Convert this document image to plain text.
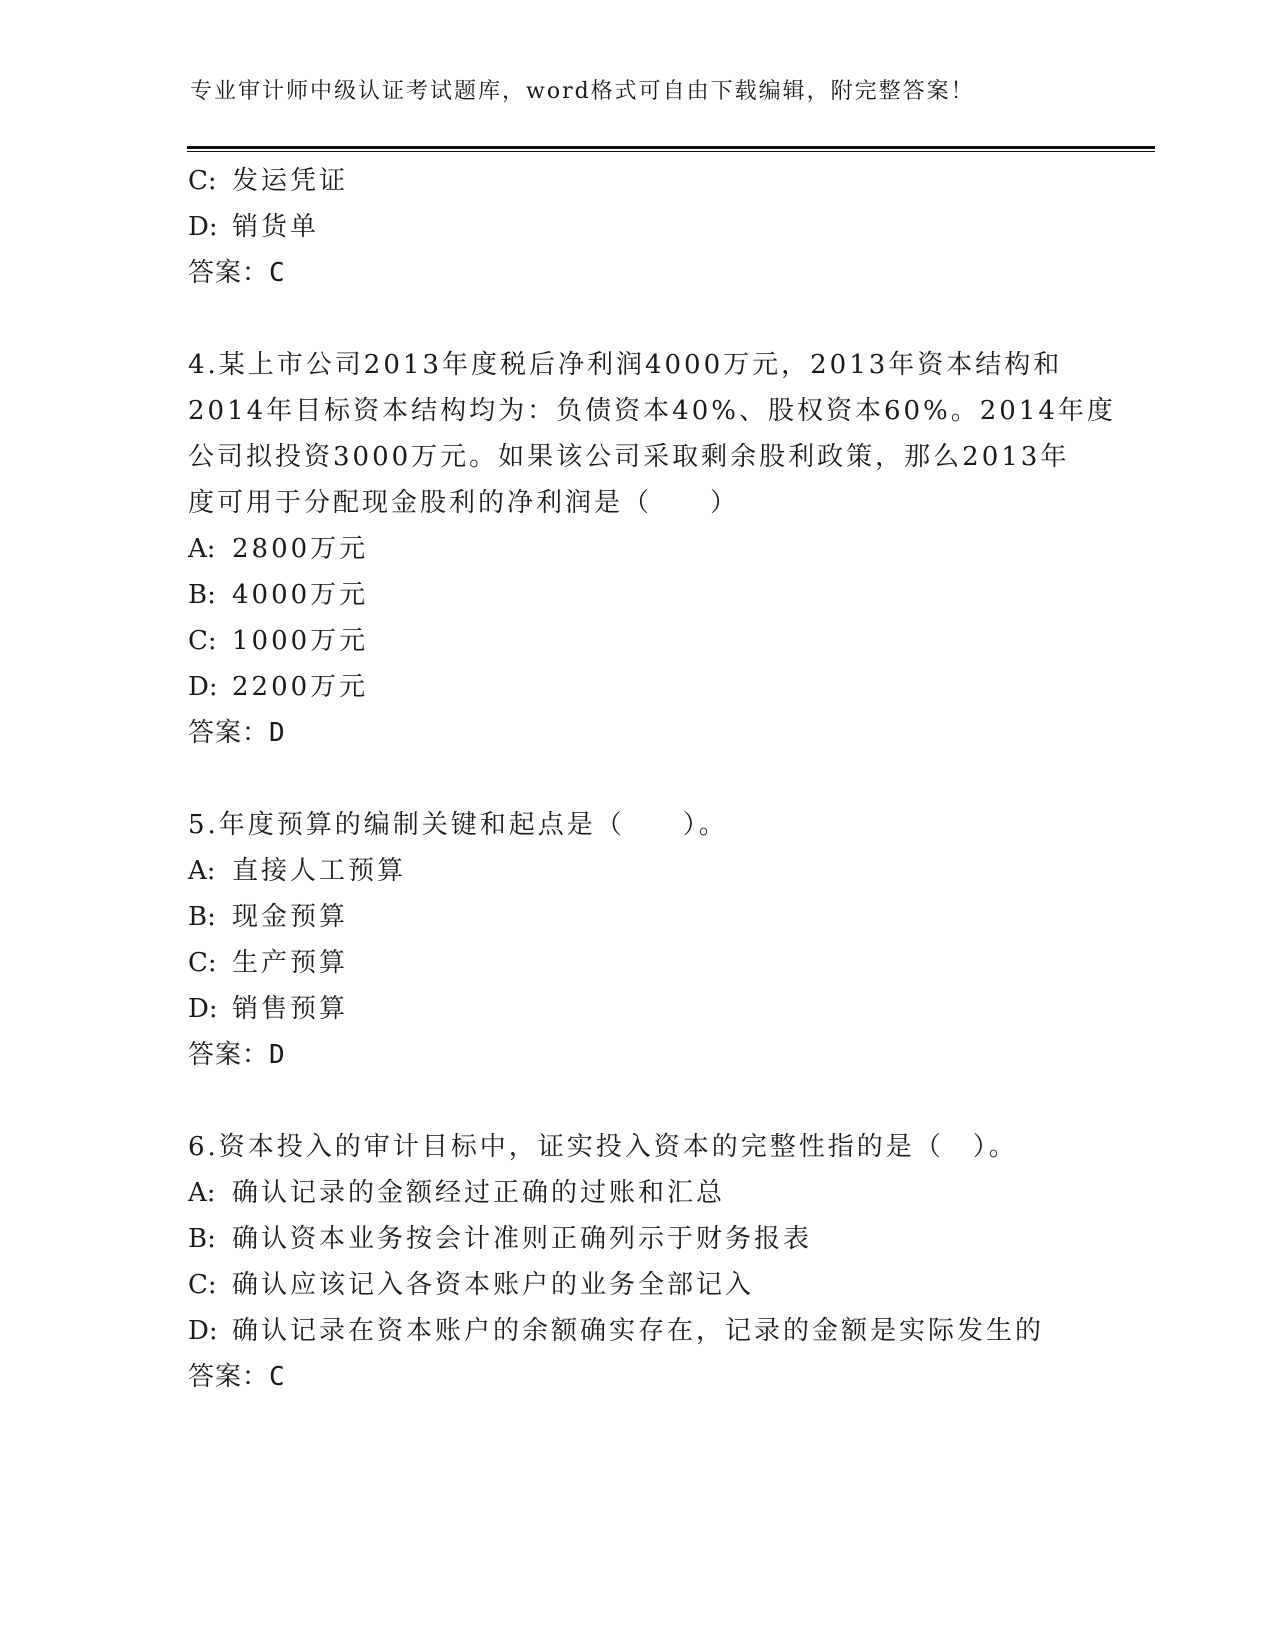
专业审计师中级认证考试题库，word格式可自由下载编辑，附完整答案！
C: 发运凭证
D: 销货单
答案：C
4.某上市公司2013年度税后净利润4000万元，2013年资本结构和
2014年目标资本结构均为：负债资本40%、股权资本60%。2014年度
公司拟投资3000万元。如果该公司采取剩余股利政策，那么2013年
度可用于分配现金股利的净利润是（　　）
A: 2800万元
B: 4000万元
C: 1000万元
D: 2200万元
答案：D
5.年度预算的编制关键和起点是（　　）。
A: 直接人工预算
B: 现金预算
C: 生产预算
D: 销售预算
答案：D
6.资本投入的审计目标中，证实投入资本的完整性指的是（　）。
A: 确认记录的金额经过正确的过账和汇总
B: 确认资本业务按会计准则正确列示于财务报表
C: 确认应该记入各资本账户的业务全部记入
D: 确认记录在资本账户的余额确实存在，记录的金额是实际发生的
答案：C
